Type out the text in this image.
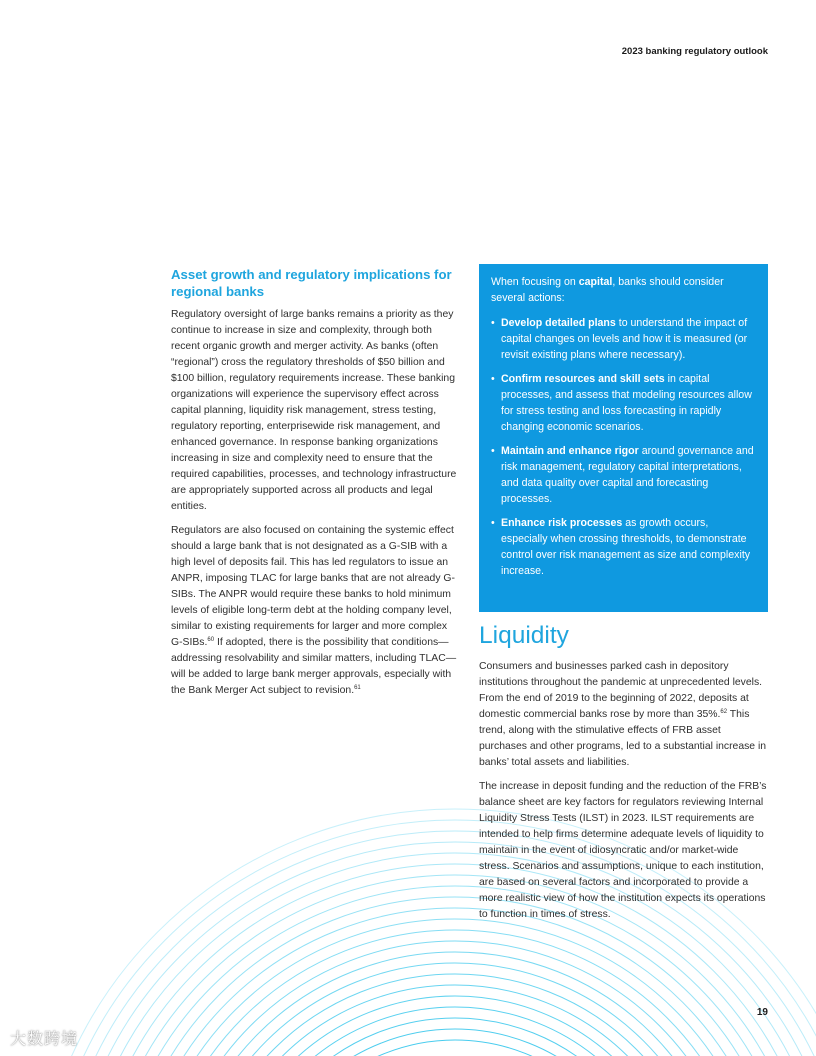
2023 banking regulatory outlook
Asset growth and regulatory implications for regional banks

Regulatory oversight of large banks remains a priority as they continue to increase in size and complexity, through both recent organic growth and merger activity. As banks (often “regional”) cross the regulatory thresholds of $50 billion and $100 billion, regulatory requirements increase. These banking organizations will experience the supervisory effect across capital planning, liquidity risk management, stress testing, regulatory reporting, enterprisewide risk management, and enhanced governance. In response banking organizations increasing in size and complexity need to ensure that the required capabilities, processes, and technology infrastructure are appropriately supported across all products and legal entities.

Regulators are also focused on containing the systemic effect should a large bank that is not designated as a G-SIB with a high level of deposits fail. This has led regulators to issue an ANPR, imposing TLAC for large banks that are not already G-SIBs. The ANPR would require these banks to hold minimum levels of eligible long-term debt at the holding company level, similar to existing requirements for larger and more complex G-SIBs.$^{60}$ If adopted, there is the possibility that conditions—addressing resolvability and similar matters, including TLAC—will be added to large bank merger approvals, especially with the Bank Merger Act subject to revision.$^{61}$

When focusing on capital, banks should consider several actions:

• Develop detailed plans to understand the impact of capital changes on levels and how it is measured (or revisit existing plans where necessary).
• Confirm resources and skill sets in capital processes, and assess that modeling resources allow for stress testing and loss forecasting in rapidly changing economic scenarios.
• Maintain and enhance rigor around governance and risk management, regulatory capital interpretations, and data quality over capital and forecasting processes.
• Enhance risk processes as growth occurs, especially when crossing thresholds, to demonstrate control over risk management as size and complexity increase.
Liquidity

Consumers and businesses parked cash in depository institutions throughout the pandemic at unprecedented levels. From the end of 2019 to the beginning of 2022, deposits at domestic commercial banks rose by more than 35%.$^{62}$ This trend, along with the stimulative effects of FRB asset purchases and other programs, led to a substantial increase in banks’ total assets and liabilities.

The increase in deposit funding and the reduction of the FRB’s balance sheet are key factors for regulators reviewing Internal Liquidity Stress Tests (ILST) in 2023. ILST requirements are intended to help firms determine adequate levels of liquidity to maintain in the event of idiosyncratic and/or market-wide stress. Scenarios and assumptions, unique to each institution, are based on several factors and incorporated to provide a more realistic view of how the institution expects its operations to function in times of stress.

19
大数跨境
